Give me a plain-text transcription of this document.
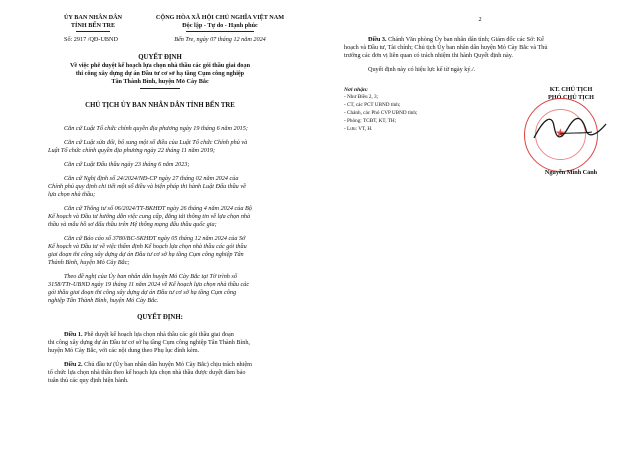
ỦY BAN NHÂN DÂN
TỈNH BẾN TRE
Số: 2917 /QĐ-UBND
CỘNG HÒA XÃ HỘI CHỦ NGHĨA VIỆT NAM
Độc lập - Tự do - Hạnh phúc
Bến Tre, ngày 07 tháng 12 năm 2024
QUYẾT ĐỊNH
Về việc phê duyệt kế hoạch lựa chọn nhà thầu các gói thầu giai đoạn
thi công xây dựng dự án Đầu tư cơ sở hạ tầng Cụm công nghiệp
Tân Thành Bình, huyện Mỏ Cày Bắc
CHỦ TỊCH ỦY BAN NHÂN DÂN TỈNH BẾN TRE
Căn cứ Luật Tổ chức chính quyền địa phương ngày 19 tháng 6 năm 2015;
Căn cứ Luật sửa đổi, bổ sung một số điều của Luật Tổ chức Chính phủ và
Luật Tổ chức chính quyền địa phương ngày 22 tháng 11 năm 2019;
Căn cứ Luật Đấu thầu ngày 23 tháng 6 năm 2023;
Căn cứ Nghị định số 24/2024/NĐ-CP ngày 27 tháng 02 năm 2024 của
Chính phủ quy định chi tiết một số điều và biện pháp thi hành Luật Đấu thầu về
lựa chọn nhà thầu;
Căn cứ Thông tư số 06/2024/TT-BKHĐT ngày 26 tháng 4 năm 2024 của Bộ
Kế hoạch và Đầu tư hướng dẫn việc cung cấp, đăng tải thông tin về lựa chọn nhà
thầu và mẫu hồ sơ đấu thầu trên Hệ thống mạng đấu thầu quốc gia;
Căn cứ Báo cáo số 3780/BC-SKHĐT ngày 05 tháng 12 năm 2024 của Sở
Kế hoạch và Đầu tư về việc thẩm định Kế hoạch lựa chọn nhà thầu các gói thầu
giai đoạn thi công xây dựng dự án Đầu tư cơ sở hạ tầng Cụm công nghiệp Tân
Thành Bình, huyện Mỏ Cày Bắc;
Theo đề nghị của Ủy ban nhân dân huyện Mỏ Cày Bắc tại Tờ trình số
3158/TTr-UBND ngày 19 tháng 11 năm 2024 về Kế hoạch lựa chọn nhà thầu các
gói thầu giai đoạn thi công xây dựng dự án Đầu tư cơ sở hạ tầng Cụm công
nghiệp Tân Thành Bình, huyện Mỏ Cày Bắc.
QUYẾT ĐỊNH:
Điều 1. Phê duyệt kế hoạch lựa chọn nhà thầu các gói thầu giai đoạn
thi công xây dựng dự án Đầu tư cơ sở hạ tầng Cụm công nghiệp Tân Thành Bình,
huyện Mỏ Cày Bắc, với các nội dung theo Phụ lục đính kèm.
Điều 2. Chủ đầu tư (Ủy ban nhân dân huyện Mỏ Cày Bắc) chịu trách nhiệm
tổ chức lựa chọn nhà thầu theo kế hoạch lựa chọn nhà thầu được duyệt đảm bảo
tuân thủ các quy định hiện hành.
2
Điều 3. Chánh Văn phòng Ủy ban nhân dân tỉnh; Giám đốc các Sở: Kế
hoạch và Đầu tư, Tài chính; Chủ tịch Ủy ban nhân dân huyện Mỏ Cày Bắc và Thủ
trưởng các đơn vị liên quan có trách nhiệm thi hành Quyết định này.
Quyết định này có hiệu lực kể từ ngày ký./.
Nơi nhận:
- Như Điều 2, 3;
- CT, các PCT UBND tỉnh;
- Chánh, các Phó CVP UBND tỉnh;
- Phòng: TCĐT, KT, TH;
- Lưu: VT, H.
KT. CHỦ TỊCH
PHÓ CHỦ TỊCH
★
Nguyễn Minh Cảnh
